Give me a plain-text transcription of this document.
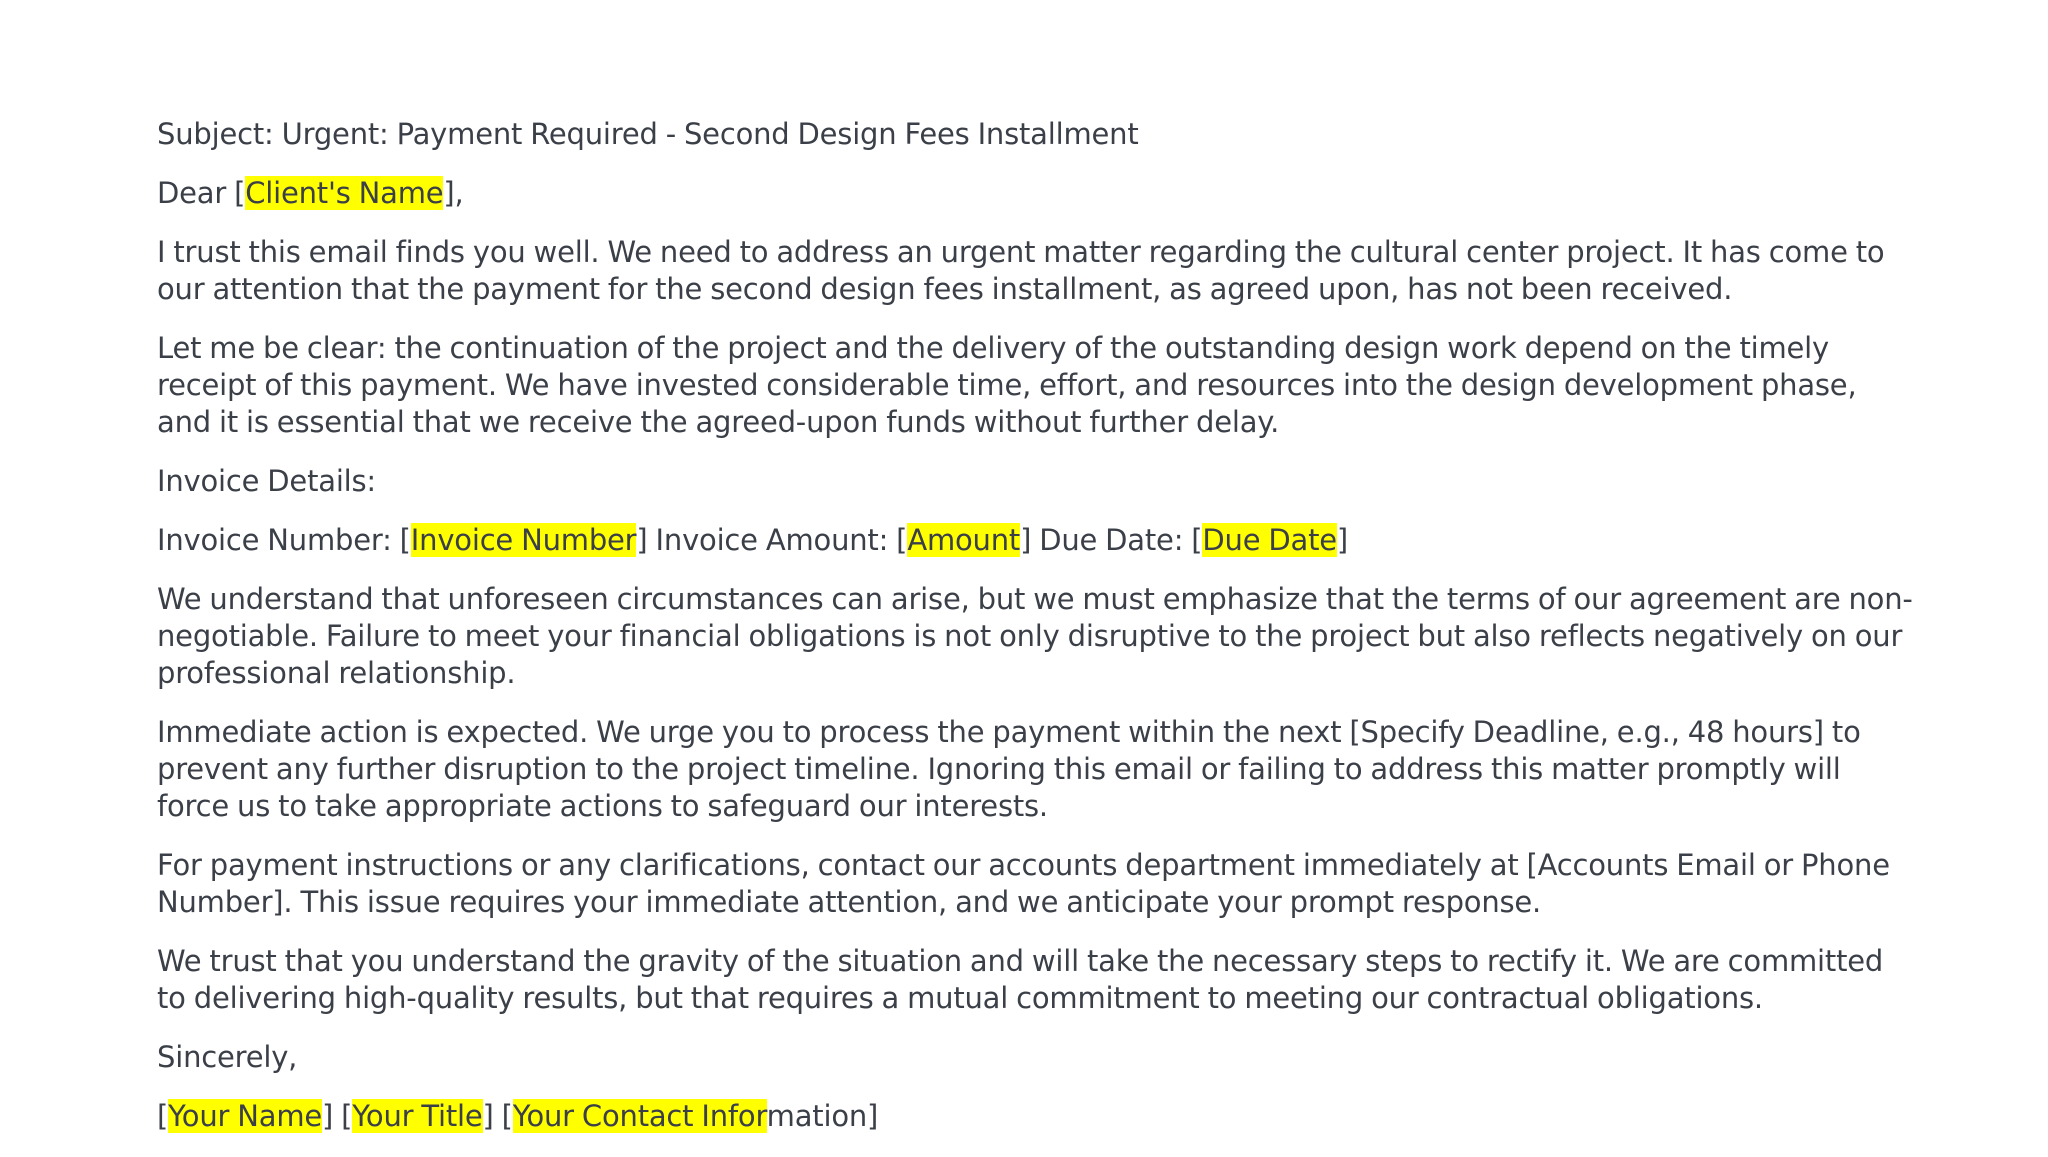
Subject: Urgent: Payment Required - Second Design Fees Installment

Dear [Client's Name],

I trust this email finds you well. We need to address an urgent matter regarding the cultural center project. It has come to our attention that the payment for the second design fees installment, as agreed upon, has not been received.

Let me be clear: the continuation of the project and the delivery of the outstanding design work depend on the timely receipt of this payment. We have invested considerable time, effort, and resources into the design development phase, and it is essential that we receive the agreed-upon funds without further delay.

Invoice Details:

Invoice Number: [Invoice Number] Invoice Amount: [Amount] Due Date: [Due Date]

We understand that unforeseen circumstances can arise, but we must emphasize that the terms of our agreement are non-negotiable. Failure to meet your financial obligations is not only disruptive to the project but also reflects negatively on our professional relationship.

Immediate action is expected. We urge you to process the payment within the next [Specify Deadline, e.g., 48 hours] to prevent any further disruption to the project timeline. Ignoring this email or failing to address this matter promptly will force us to take appropriate actions to safeguard our interests.

For payment instructions or any clarifications, contact our accounts department immediately at [Accounts Email or Phone Number]. This issue requires your immediate attention, and we anticipate your prompt response.

We trust that you understand the gravity of the situation and will take the necessary steps to rectify it. We are committed to delivering high-quality results, but that requires a mutual commitment to meeting our contractual obligations.

Sincerely,

[Your Name] [Your Title] [Your Contact Information]
